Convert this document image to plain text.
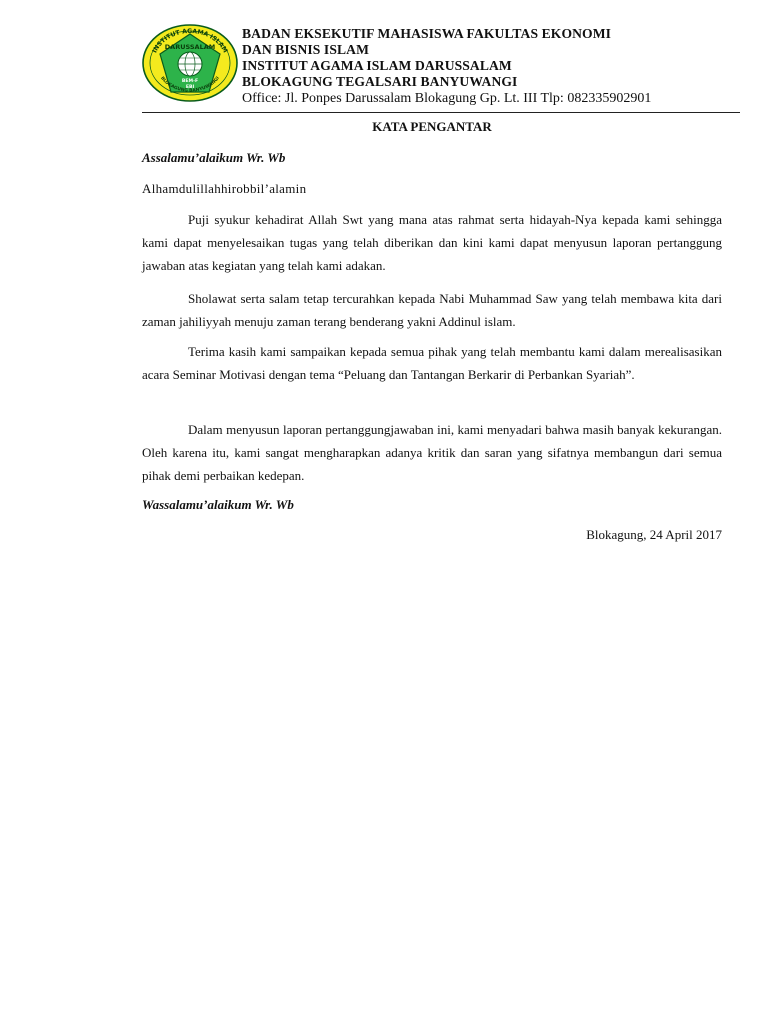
INSTITUT AGAMA ISLAM
DARUSSALAM
BEM-F
EBI
BLOKAGUNG BANYUWANGI
BADAN EKSEKUTIF MAHASISWA FAKULTAS EKONOMI
DAN BISNIS ISLAM
INSTITUT AGAMA ISLAM DARUSSALAM
BLOKAGUNG TEGALSARI BANYUWANGI
Office: Jl. Ponpes Darussalam Blokagung Gp. Lt. III Tlp: 082335902901
KATA PENGANTAR
Assalamu’alaikum Wr. Wb
Alhamdulillahhirobbil’alamin

Puji syukur kehadirat Allah Swt yang mana atas rahmat serta hidayah-Nya kepada kami sehingga kami dapat menyelesaikan tugas yang telah diberikan dan kini kami dapat menyusun laporan pertanggung jawaban atas kegiatan yang telah kami adakan.

Sholawat serta salam tetap tercurahkan kepada Nabi Muhammad Saw yang telah membawa kita dari zaman jahiliyyah menuju zaman terang benderang yakni Addinul islam.

Terima kasih kami sampaikan kepada semua pihak yang telah membantu kami dalam merealisasikan acara Seminar Motivasi dengan tema “Peluang dan Tantangan Berkarir di Perbankan Syariah”.

Dalam menyusun laporan pertanggungjawaban ini, kami menyadari bahwa masih banyak kekurangan. Oleh karena itu, kami sangat mengharapkan adanya kritik dan saran yang sifatnya membangun dari semua pihak demi perbaikan kedepan.

Wassalamu’alaikum Wr. Wb
Blokagung, 24 April 2017
